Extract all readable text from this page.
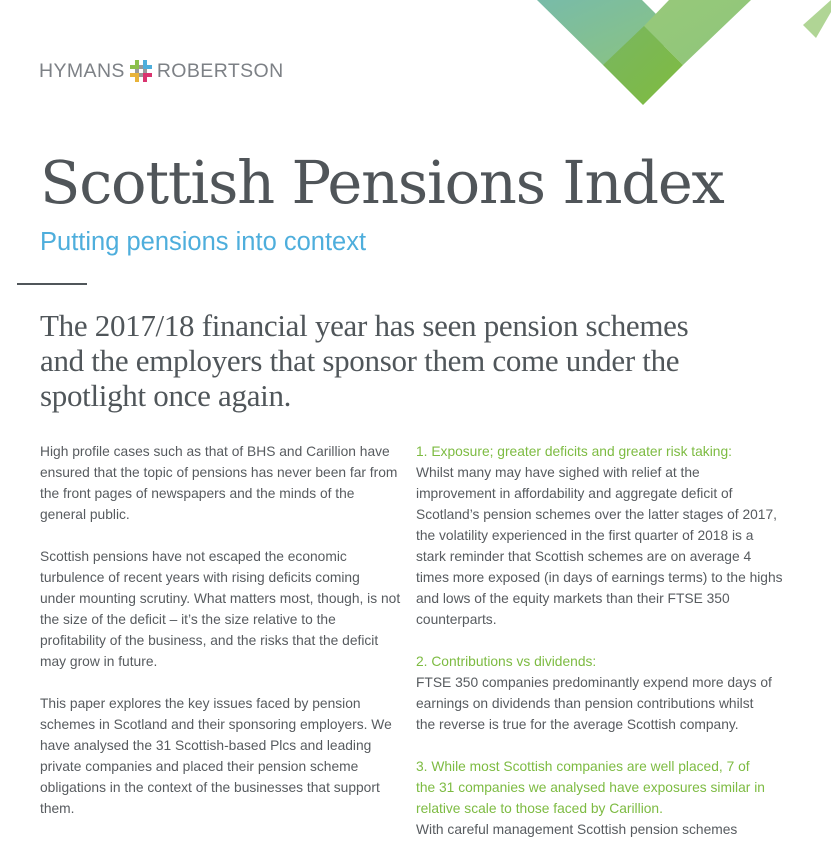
HYMANS ROBERTSON
Scottish Pensions Index
Putting pensions into context
The 2017/18 financial year has seen pension schemes
and the employers that sponsor them come under the
spotlight once again.

High profile cases such as that of BHS and Carillion have
ensured that the topic of pensions has never been far from
the front pages of newspapers and the minds of the
general public.

Scottish pensions have not escaped the economic
turbulence of recent years with rising deficits coming
under mounting scrutiny. What matters most, though, is not
the size of the deficit – it’s the size relative to the
profitability of the business, and the risks that the deficit
may grow in future.

This paper explores the key issues faced by pension
schemes in Scotland and their sponsoring employers. We
have analysed the 31 Scottish-based Plcs and leading
private companies and placed their pension scheme
obligations in the context of the businesses that support
them.

1. Exposure; greater deficits and greater risk taking:
Whilst many may have sighed with relief at the
improvement in affordability and aggregate deficit of
Scotland’s pension schemes over the latter stages of 2017,
the volatility experienced in the first quarter of 2018 is a
stark reminder that Scottish schemes are on average 4
times more exposed (in days of earnings terms) to the highs
and lows of the equity markets than their FTSE 350
counterparts.

2. Contributions vs dividends:
FTSE 350 companies predominantly expend more days of
earnings on dividends than pension contributions whilst
the reverse is true for the average Scottish company.

3. While most Scottish companies are well placed, 7 of
the 31 companies we analysed have exposures similar in
relative scale to those faced by Carillion.
With careful management Scottish pension schemes
